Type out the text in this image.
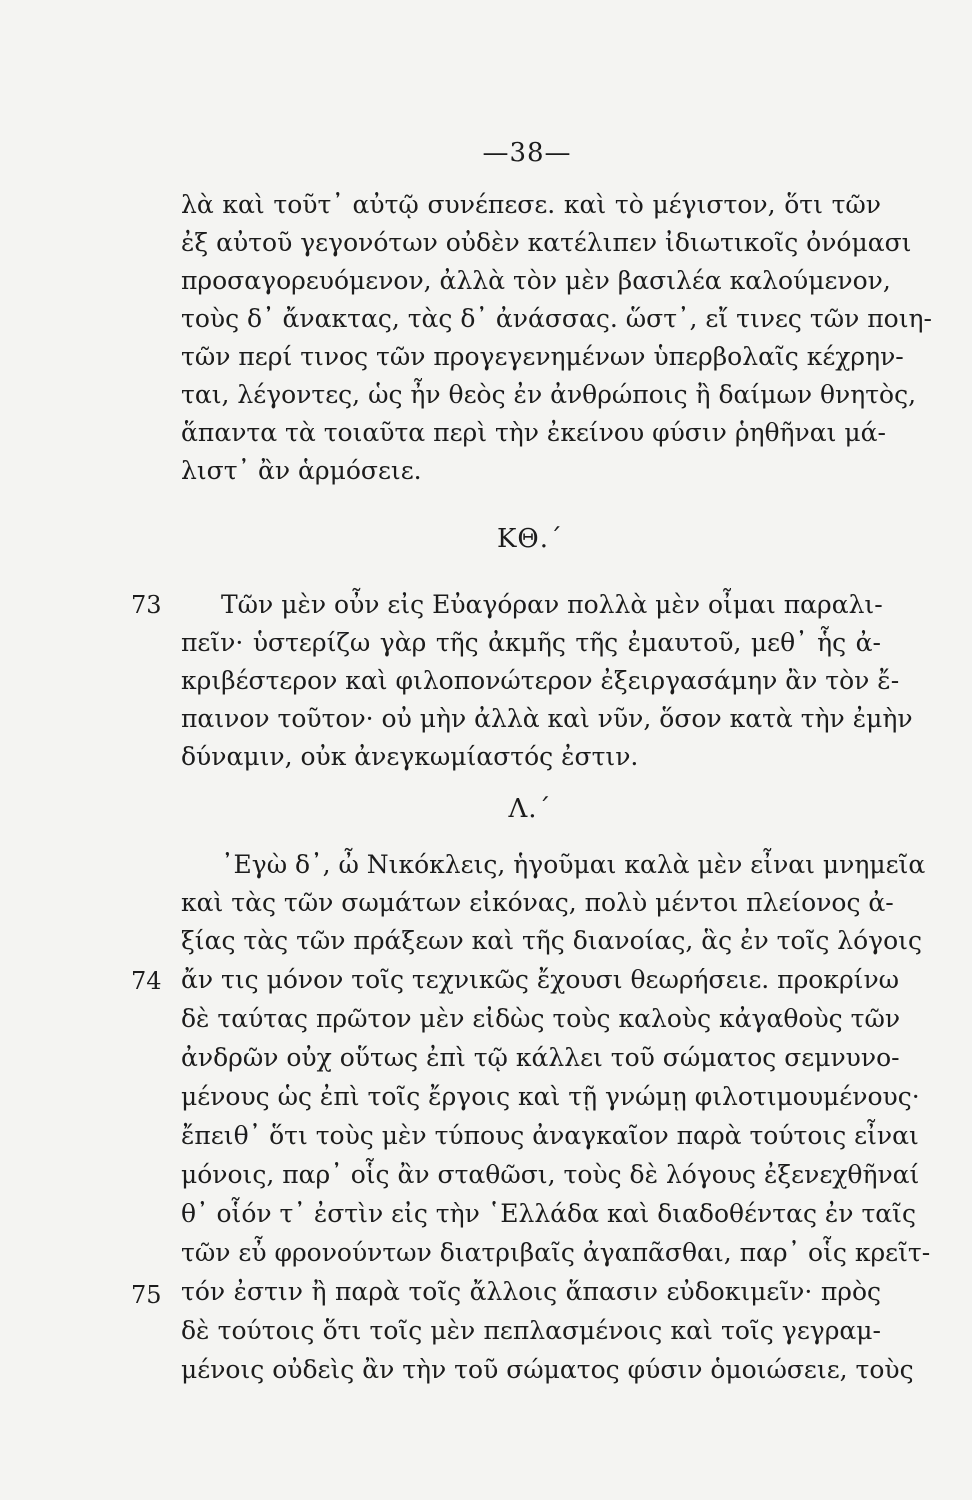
—38—
λὰ καὶ τοῦτ᾿ αὐτῷ συνέπεσε. καὶ τὸ μέγιστον, ὅτι τῶν
ἐξ αὐτοῦ γεγονότων οὐδὲν κατέλιπεν ἰδιωτικοῖς ὀνόμασι
προσαγορευόμενον, ἀλλὰ τὸν μὲν βασιλέα καλούμενον,
τοὺς δ᾿ ἄνακτας, τὰς δ᾿ ἀνάσσας. ὥστ᾿, εἴ τινες τῶν ποιη-
τῶν περί τινος τῶν προγεγενημένων ὑπερβολαῖς κέχρην-
ται, λέγοντες, ὡς ἦν θεὸς ἐν ἀνθρώποις ἢ δαίμων θνητὸς,
ἅπαντα τὰ τοιαῦτα περὶ τὴν ἐκείνου φύσιν ῥηθῆναι μά-
λιστ᾿ ἂν ἁρμόσειε.
ΚΘ.΄
73	Τῶν μὲν οὖν εἰς Εὐαγόραν πολλὰ μὲν οἶμαι παραλι-
πεῖν· ὑστερίζω γὰρ τῆς ἀκμῆς τῆς ἐμαυτοῦ, μεθ᾿ ἧς ἀ-
κριβέστερον καὶ φιλοπονώτερον ἐξειργασάμην ἂν τὸν ἔ-
παινον τοῦτον· οὐ μὴν ἀλλὰ καὶ νῦν, ὅσον κατὰ τὴν ἐμὴν
δύναμιν, οὐκ ἀνεγκωμίαστός ἐστιν.
Λ.΄
74
75
᾿Εγὼ δ᾿, ὦ Νικόκλεις, ἡγοῦμαι καλὰ μὲν εἶναι μνημεῖα
καὶ τὰς τῶν σωμάτων εἰκόνας, πολὺ μέντοι πλείονος ἀ-
ξίας τὰς τῶν πράξεων καὶ τῆς διανοίας, ἃς ἐν τοῖς λόγοις
ἄν τις μόνον τοῖς τεχνικῶς ἔχουσι θεωρήσειε. προκρίνω
δὲ ταύτας πρῶτον μὲν εἰδὼς τοὺς καλοὺς κἀγαθοὺς τῶν
ἀνδρῶν οὐχ οὕτως ἐπὶ τῷ κάλλει τοῦ σώματος σεμνυνο-
μένους ὡς ἐπὶ τοῖς ἔργοις καὶ τῇ γνώμῃ φιλοτιμουμένους·
ἔπειθ᾿ ὅτι τοὺς μὲν τύπους ἀναγκαῖον παρὰ τούτοις εἶναι
μόνοις, παρ᾿ οἷς ἂν σταθῶσι, τοὺς δὲ λόγους ἐξενεχθῆναί
θ᾿ οἷόν τ᾿ ἐστὶν εἰς τὴν ῾Ελλάδα καὶ διαδοθέντας ἐν ταῖς
τῶν εὖ φρονούντων διατριβαῖς ἀγαπᾶσθαι, παρ᾿ οἷς κρεῖτ-
τόν ἐστιν ἢ παρὰ τοῖς ἄλλοις ἅπασιν εὐδοκιμεῖν· πρὸς
δὲ τούτοις ὅτι τοῖς μὲν πεπλασμένοις καὶ τοῖς γεγραμ-
μένοις οὐδεὶς ἂν τὴν τοῦ σώματος φύσιν ὁμοιώσειε, τοὺς
